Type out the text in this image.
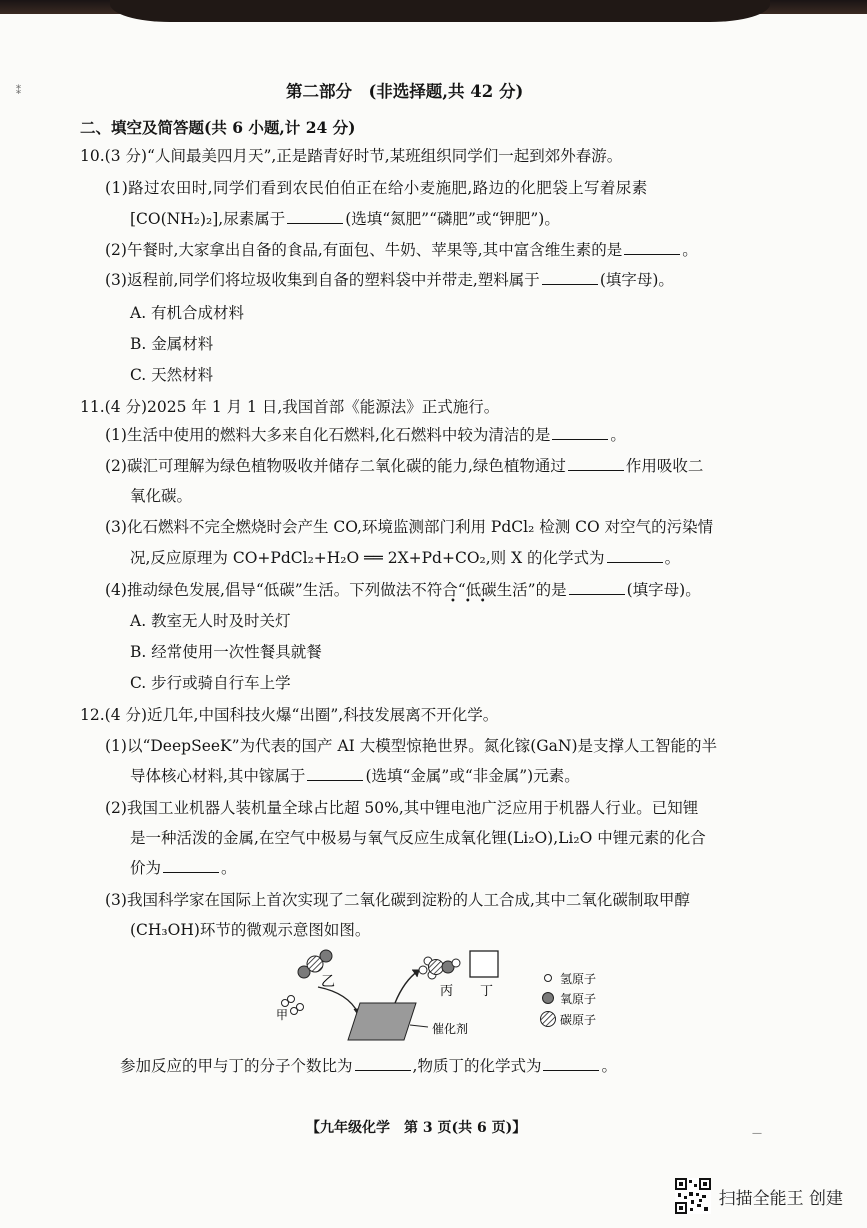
⁑	第二部分　(非选择题,共 42 分)
二、填空及简答题(共 6 小题,计 24 分)
10.(3 分)“人间最美四月天”,正是踏青好时节,某班组织同学们一起到郊外春游。
(1)路过农田时,同学们看到农民伯伯正在给小麦施肥,路边的化肥袋上写着尿素
[CO(NH₂)₂],尿素属于	(选填“氮肥”“磷肥”或“钾肥”)。
(2)午餐时,大家拿出自备的食品,有面包、牛奶、苹果等,其中富含维生素的是	。
(3)返程前,同学们将垃圾收集到自备的塑料袋中并带走,塑料属于	(填字母)。
A. 有机合成材料
B. 金属材料
C. 天然材料
11.(4 分)2025 年 1 月 1 日,我国首部《能源法》正式施行。
(1)生活中使用的燃料大多来自化石燃料,化石燃料中较为清洁的是	。
(2)碳汇可理解为绿色植物吸收并储存二氧化碳的能力,绿色植物通过	作用吸收二
氧化碳。
(3)化石燃料不完全燃烧时会产生 CO,环境监测部门利用 PdCl₂ 检测 CO 对空气的污染情
况,反应原理为 CO+PdCl₂+H₂O ══ 2X+Pd+CO₂,则 X 的化学式为	。
(4)推动绿色发展,倡导“低碳”生活。下列做法不符合“低碳生活”的是	(填字母)。
•••
A. 教室无人时及时关灯
B. 经常使用一次性餐具就餐
C. 步行或骑自行车上学
12.(4 分)近几年,中国科技火爆“出圈”,科技发展离不开化学。
(1)以“DeepSeeK”为代表的国产 AI 大模型惊艳世界。氮化镓(GaN)是支撑人工智能的半
导体核心材料,其中镓属于	(选填“金属”或“非金属”)元素。
(2)我国工业机器人装机量全球占比超 50%,其中锂电池广泛应用于机器人行业。已知锂
是一种活泼的金属,在空气中极易与氧气反应生成氧化锂(Li₂O),Li₂O 中锂元素的化合
价为	。
(3)我国科学家在国际上首次实现了二氧化碳到淀粉的人工合成,其中二氧化碳制取甲醇
(CH₃OH)环节的微观示意图如图。
乙
甲
催化剂
丙 丁
氢原子
氧原子
碳原子
参加反应的甲与丁的分子个数比为	,物质丁的化学式为	。
【九年级化学　第 3 页(共 6 页)】	—
扫描全能王 创建
